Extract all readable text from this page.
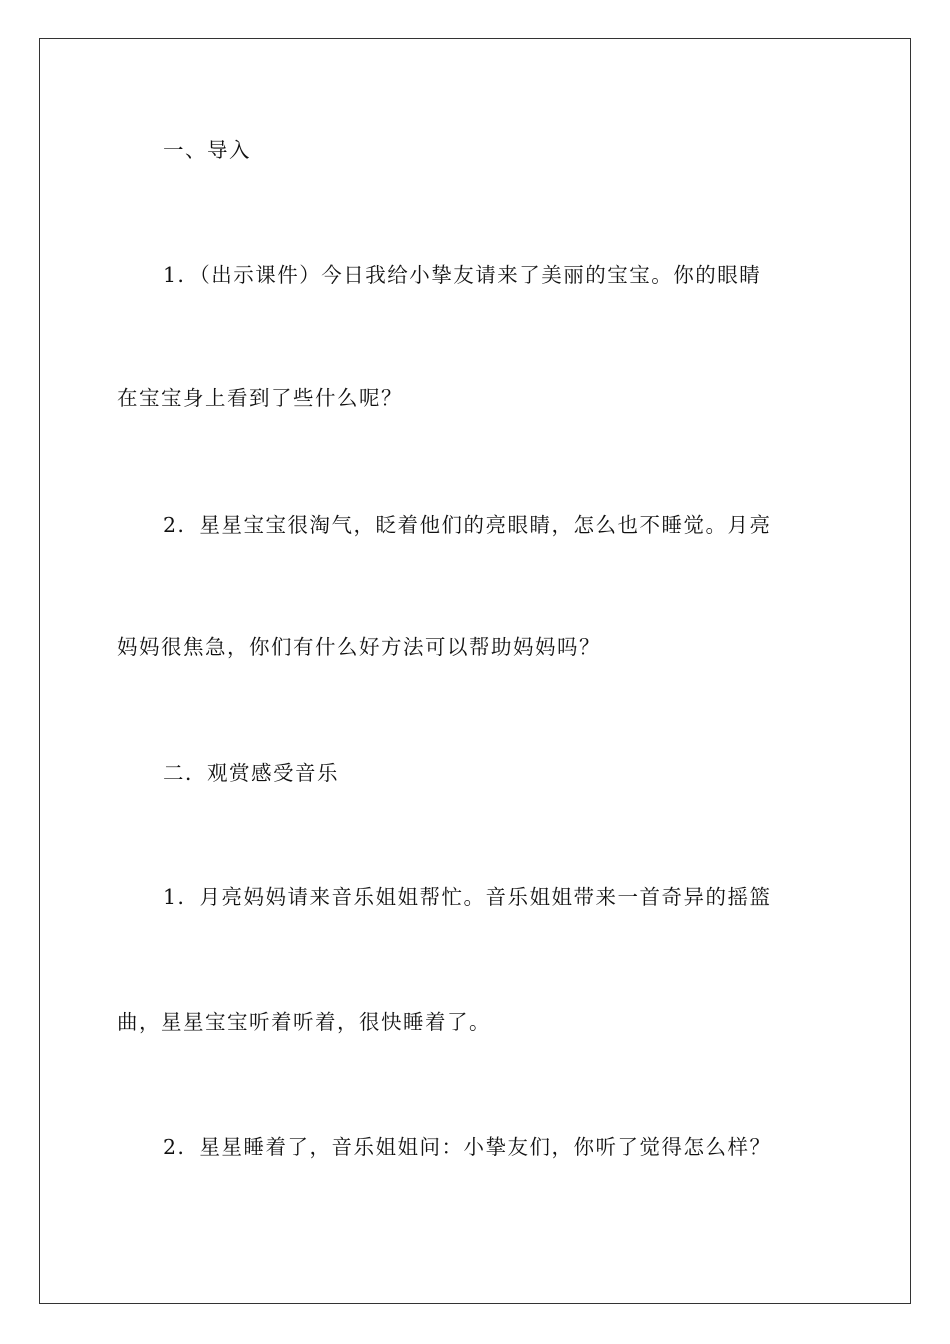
一、导入
1．（出示课件）今日我给小挚友请来了美丽的宝宝。你的眼睛
在宝宝身上看到了些什么呢？
2．星星宝宝很淘气，眨着他们的亮眼睛，怎么也不睡觉。月亮
妈妈很焦急，你们有什么好方法可以帮助妈妈吗？
二．观赏感受音乐
1．月亮妈妈请来音乐姐姐帮忙。音乐姐姐带来一首奇异的摇篮
曲，星星宝宝听着听着，很快睡着了。
2．星星睡着了，音乐姐姐问：小挚友们，你听了觉得怎么样？
